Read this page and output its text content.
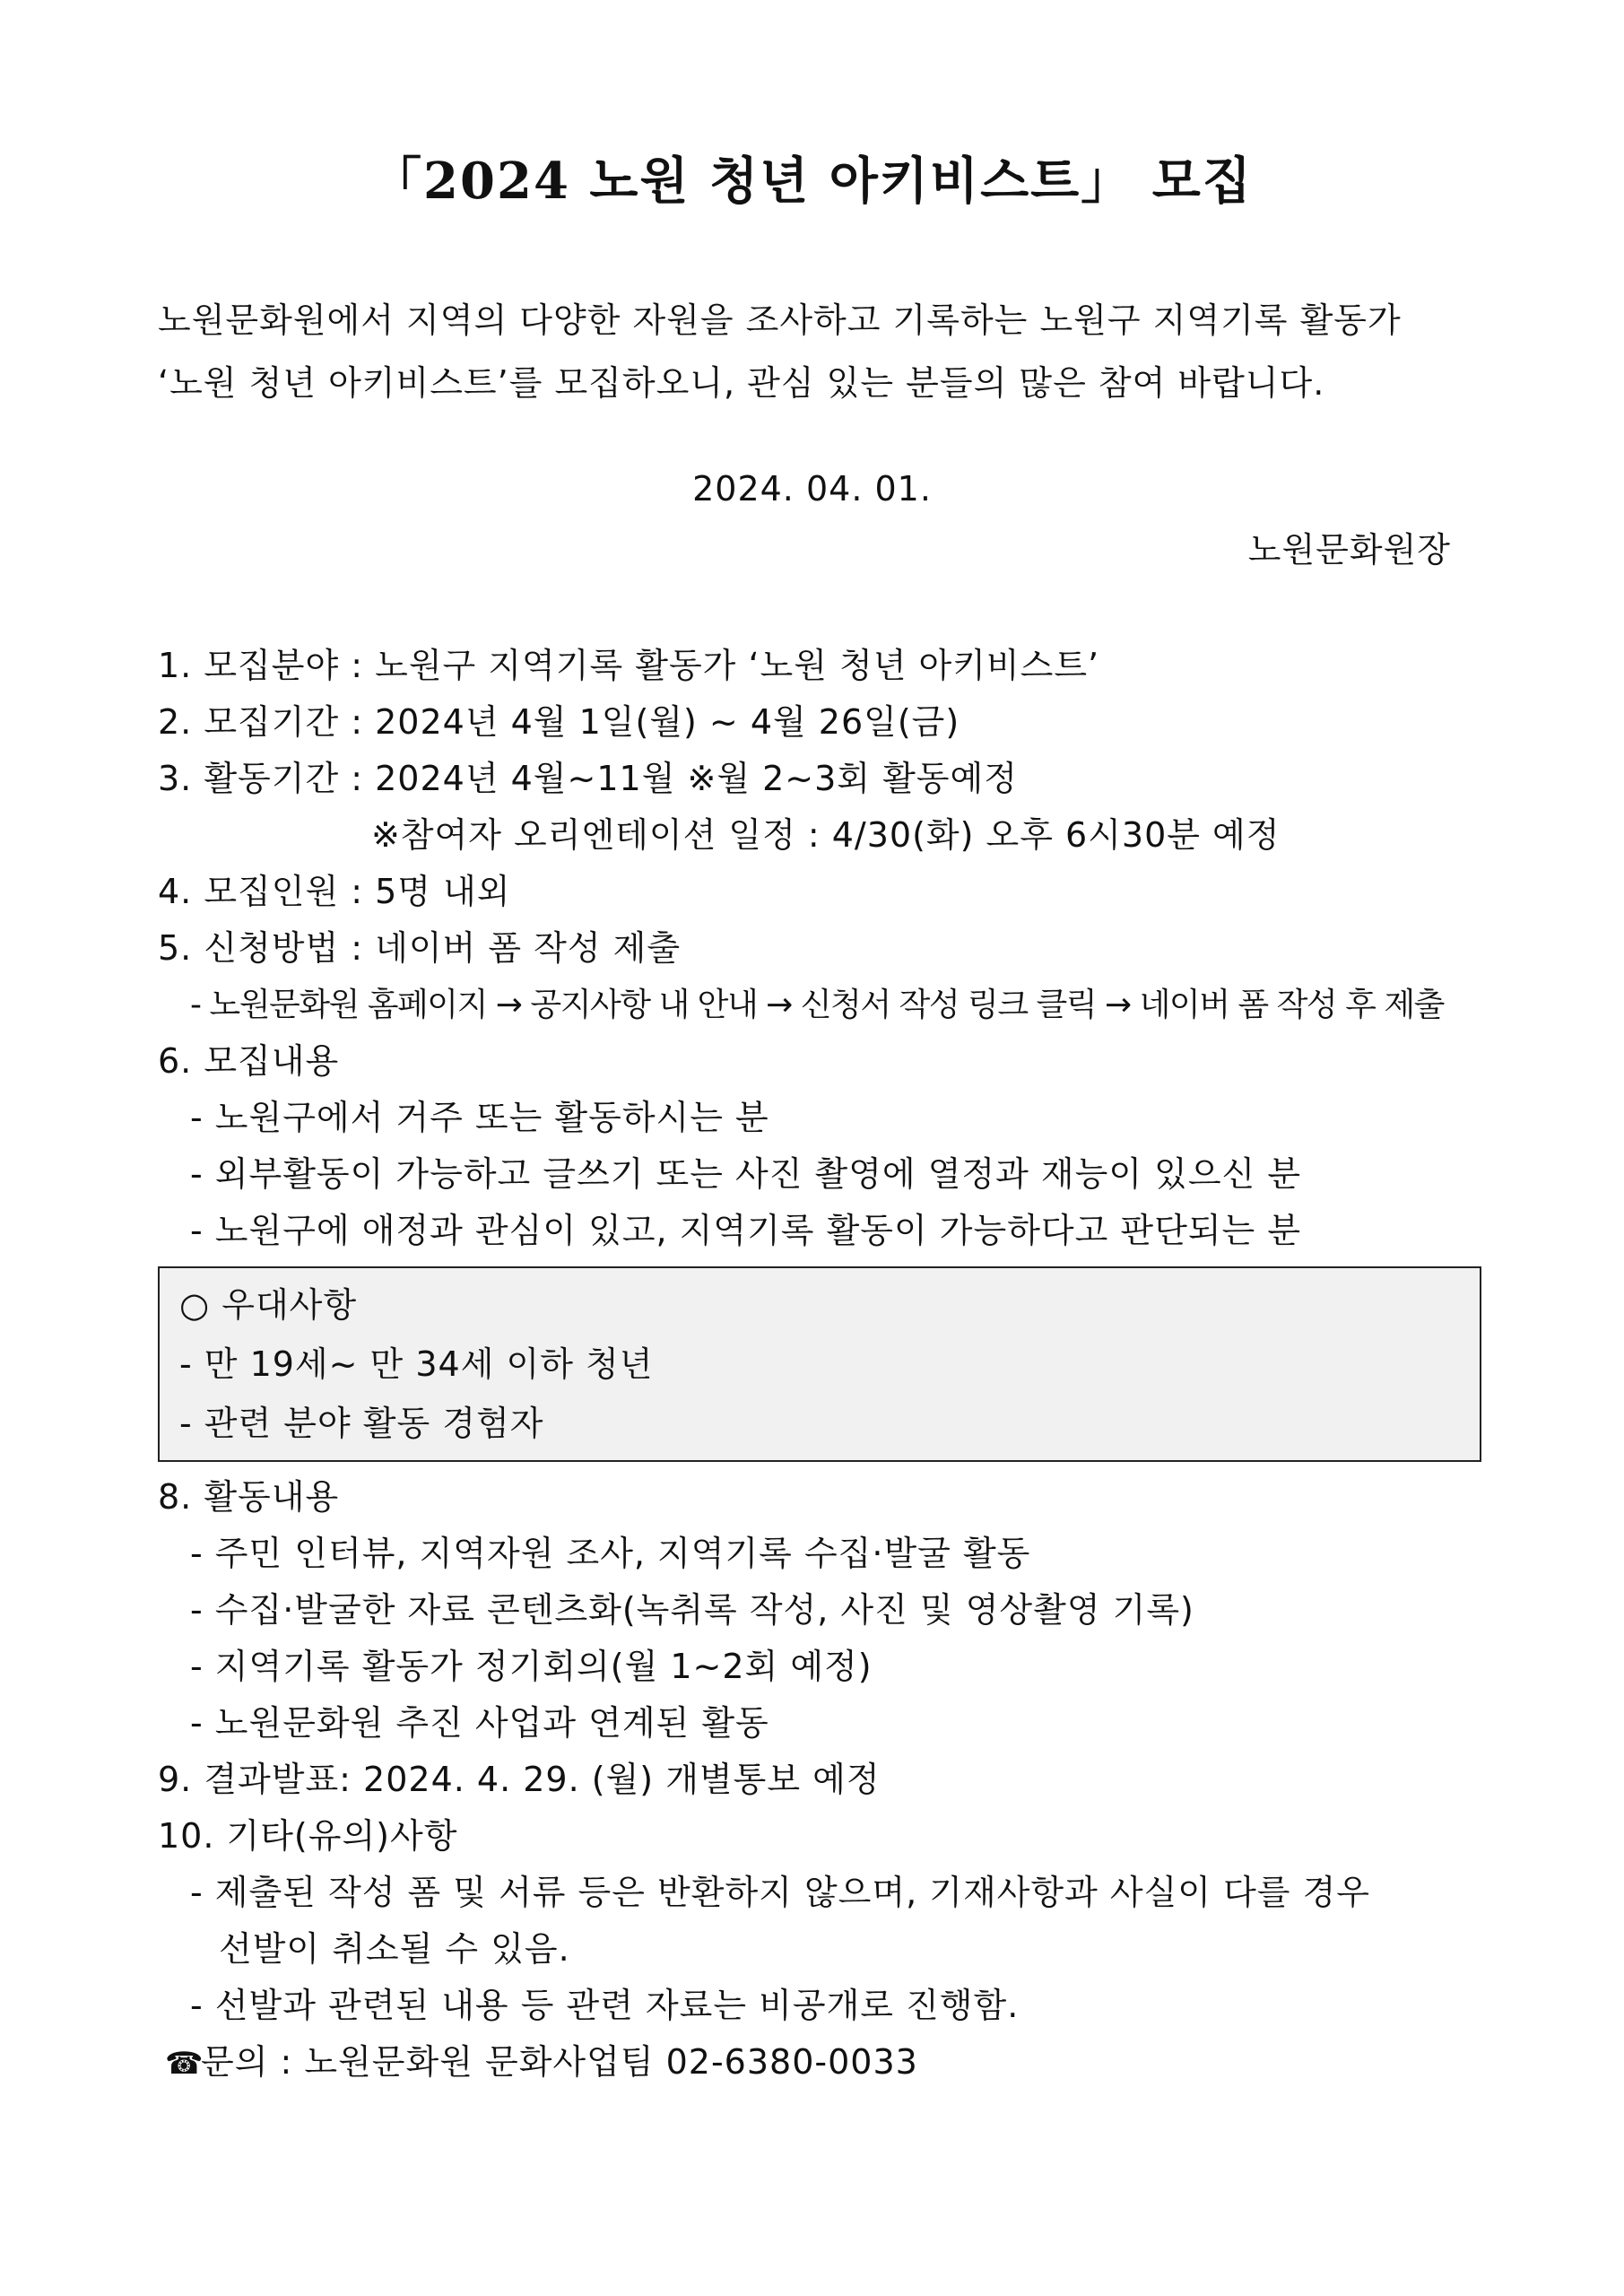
「2024 노원 청년 아키비스트」 모집
노원문화원에서 지역의 다양한 자원을 조사하고 기록하는 노원구 지역기록 활동가
‘노원 청년 아키비스트’를 모집하오니, 관심 있는 분들의 많은 참여 바랍니다.
2024. 04. 01.
노원문화원장
1. 모집분야 : 노원구 지역기록 활동가 ‘노원 청년 아키비스트’
2. 모집기간 : 2024년 4월 1일(월) ~ 4월 26일(금)
3. 활동기간 : 2024년 4월~11월 ※월 2~3회 활동예정
※참여자 오리엔테이션 일정 : 4/30(화) 오후 6시30분 예정
4. 모집인원 : 5명 내외
5. 신청방법 : 네이버 폼 작성 제출
- 노원문화원 홈페이지 → 공지사항 내 안내 → 신청서 작성 링크 클릭 → 네이버 폼 작성 후 제출
6. 모집내용
- 노원구에서 거주 또는 활동하시는 분
- 외부활동이 가능하고 글쓰기 또는 사진 촬영에 열정과 재능이 있으신 분
- 노원구에 애정과 관심이 있고, 지역기록 활동이 가능하다고 판단되는 분
○ 우대사항
- 만 19세~ 만 34세 이하 청년
- 관련 분야 활동 경험자
8. 활동내용
- 주민 인터뷰, 지역자원 조사, 지역기록 수집·발굴 활동
- 수집·발굴한 자료 콘텐츠화(녹취록 작성, 사진 및 영상촬영 기록)
- 지역기록 활동가 정기회의(월 1~2회 예정)
- 노원문화원 추진 사업과 연계된 활동
9. 결과발표: 2024. 4. 29. (월) 개별통보 예정
10. 기타(유의)사항
- 제출된 작성 폼 및 서류 등은 반환하지 않으며, 기재사항과 사실이 다를 경우
선발이 취소될 수 있음.
- 선발과 관련된 내용 등 관련 자료는 비공개로 진행함.
☎문의 : 노원문화원 문화사업팀 02-6380-0033
